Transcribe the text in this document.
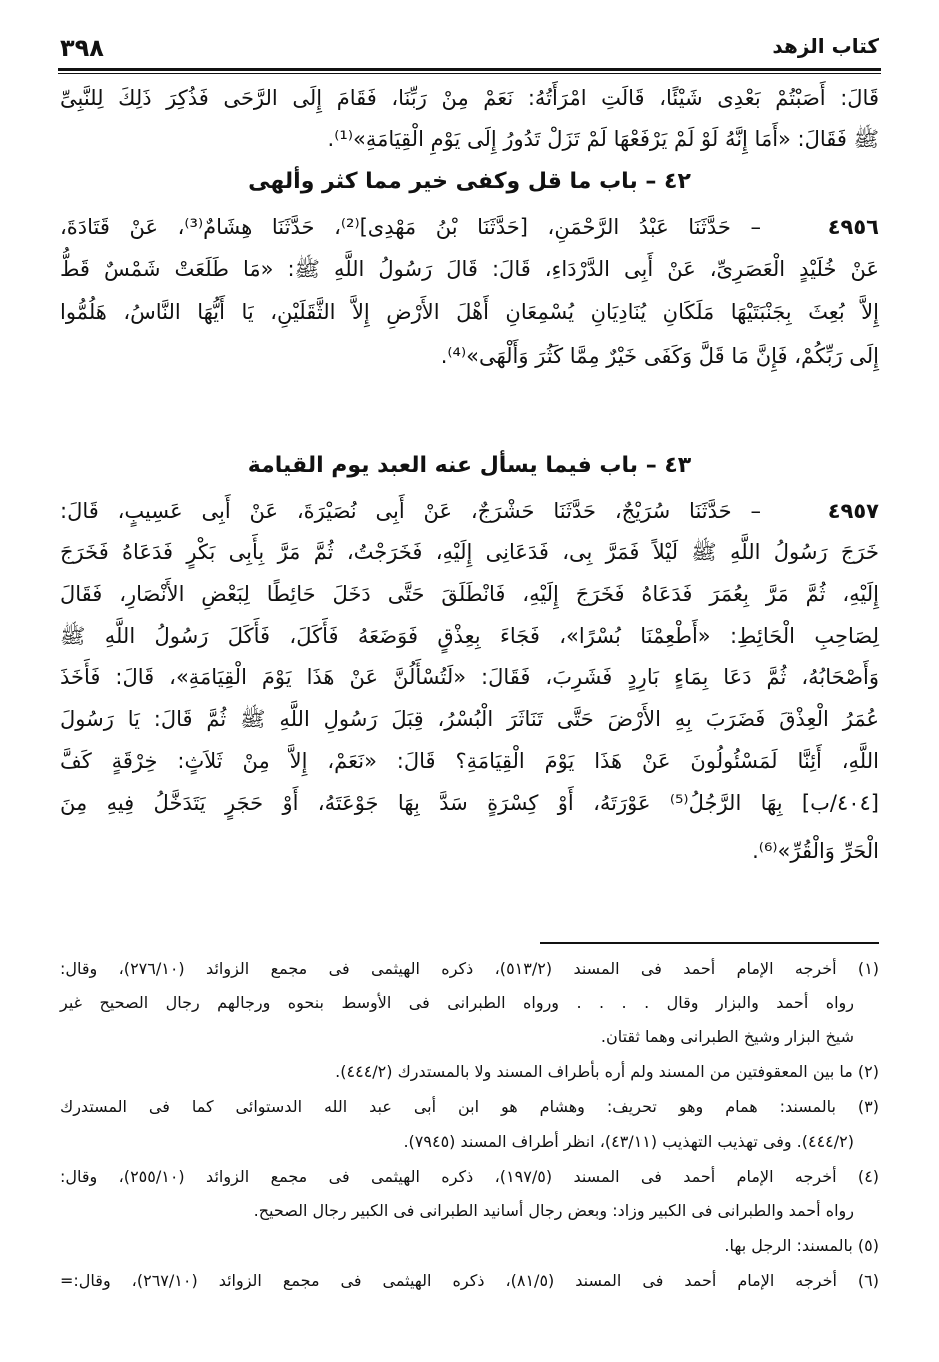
٣٩٨	كتاب الزهد
قَالَ: أَصَبْتُمْ بَعْدِى شَيْئًا، قَالَتِ امْرَأَتُهُ: نَعَمْ مِنْ رَبِّنَا، فَقَامَ إِلَى الرَّحَى فَذُكِرَ ذَلِكَ لِلنَّبِىِّ
ﷺ فَقَالَ: «أَمَا إِنَّهُ لَوْ لَمْ يَرْفَعْهَا لَمْ تَزَلْ تَدُورُ إِلَى يَوْمِ الْقِيَامَةِ»⁽¹⁾.
٤٢ – باب ما قل وكفى خير مما كثر وألهى
٤٩٥٦
– حَدَّثَنَا عَبْدُ الرَّحْمَنِ، [حَدَّثَنَا بْنُ مَهْدِى]⁽²⁾، حَدَّثَنَا هِشَامٌ⁽³⁾، عَنْ قَتَادَةَ،
عَنْ خُلَيْدٍ الْعَصَرِىِّ، عَنْ أَبِى الدَّرْدَاءِ، قَالَ: قَالَ رَسُولُ اللَّهِ ﷺ: «مَا طَلَعَتْ شَمْسٌ قَطُّ
إِلاَّ بُعِثَ بِجَنْبَتَيْهَا مَلَكَانِ يُنَادِيَانِ يُسْمِعَانِ أَهْلَ الأَرْضِ إِلاَّ الثَّقَلَيْنِ، يَا أَيُّهَا النَّاسُ، هَلُمُّوا
إِلَى رَبِّكُمْ، فَإِنَّ مَا قَلَّ وَكَفَى خَيْرٌ مِمَّا كَثُرَ وَأَلْهَى»⁽⁴⁾.
٤٣ – باب فيما يسأل عنه العبد يوم القيامة
٤٩٥٧
– حَدَّثَنَا سُرَيْجٌ، حَدَّثَنَا حَشْرَجٌ، عَنْ أَبِى نُصَيْرَةَ، عَنْ أَبِى عَسِيبٍ، قَالَ:
خَرَجَ رَسُولُ اللَّهِ ﷺ لَيْلاً فَمَرَّ بِى، فَدَعَانِى إِلَيْهِ، فَخَرَجْتُ، ثُمَّ مَرَّ بِأَبِى بَكْرٍ فَدَعَاهُ فَخَرَجَ
إِلَيْهِ، ثُمَّ مَرَّ بِعُمَرَ فَدَعَاهُ فَخَرَجَ إِلَيْهِ، فَانْطَلَقَ حَتَّى دَخَلَ حَائِطًا لِبَعْضِ الأَنْصَارِ، فَقَالَ
لِصَاحِبِ الْحَائِطِ: «أَطْعِمْنَا بُسْرًا»، فَجَاءَ بِعِذْقٍ فَوَضَعَهُ فَأَكَلَ، فَأَكَلَ رَسُولُ اللَّهِ ﷺ
وَأَصْحَابُهُ، ثُمَّ دَعَا بِمَاءٍ بَارِدٍ فَشَرِبَ، فَقَالَ: «لَتُسْأَلُنَّ عَنْ هَذَا يَوْمَ الْقِيَامَةِ»، قَالَ: فَأَخَذَ
عُمَرُ الْعِذْقَ فَضَرَبَ بِهِ الأَرْضَ حَتَّى تَنَاثَرَ الْبُسْرُ، قِبَلَ رَسُولِ اللَّهِ ﷺ ثُمَّ قَالَ: يَا رَسُولَ
اللَّهِ، أَئِنَّا لَمَسْئُولُونَ عَنْ هَذَا يَوْمَ الْقِيَامَةِ؟ قَالَ: «نَعَمْ، إِلاَّ مِنْ ثَلاَثٍ: خِرْقَةٍ كَفَّ
[٤٠٤/ب] بِهَا الرَّجُلُ⁽⁵⁾ عَوْرَتَهُ، أَوْ كِسْرَةٍ سَدَّ بِهَا جَوْعَتَهُ، أَوْ حَجَرٍ يَتَدَخَّلُ فِيهِ مِنَ
الْحَرِّ وَالْقُرِّ»⁽⁶⁾.
(١) أخرجه الإمام أحمد فى المسند (٥١٣/٢)، ذكره الهيثمى فى مجمع الزوائد (٢٧٦/١٠)، وقال:
رواه أحمد والبزار وقال . . . . ورواه الطبرانى فى الأوسط بنحوه ورجالهم رجال الصحيح غير
شيخ البزار وشيخ الطبرانى وهما ثقتان.
(٢) ما بين المعقوفتين من المسند ولم أره بأطراف المسند ولا بالمستدرك (٤٤٤/٢).
(٣) بالمسند: همام وهو تحريف: وهشام هو ابن أبى عبد الله الدستوائى كما فى المستدرك
(٤٤٤/٢). وفى تهذيب التهذيب (٤٣/١١)، انظر أطراف المسند (٧٩٤٥).
(٤) أخرجه الإمام أحمد فى المسند (١٩٧/٥)، ذكره الهيثمى فى مجمع الزوائد (٢٥٥/١٠)، وقال:
رواه أحمد والطبرانى فى الكبير وزاد: وبعض رجال أسانيد الطبرانى فى الكبير رجال الصحيح.
(٥) بالمسند: الرجل بها.
(٦) أخرجه الإمام أحمد فى المسند (٨١/٥)، ذكره الهيثمى فى مجمع الزوائد (٢٦٧/١٠)، وقال:=
